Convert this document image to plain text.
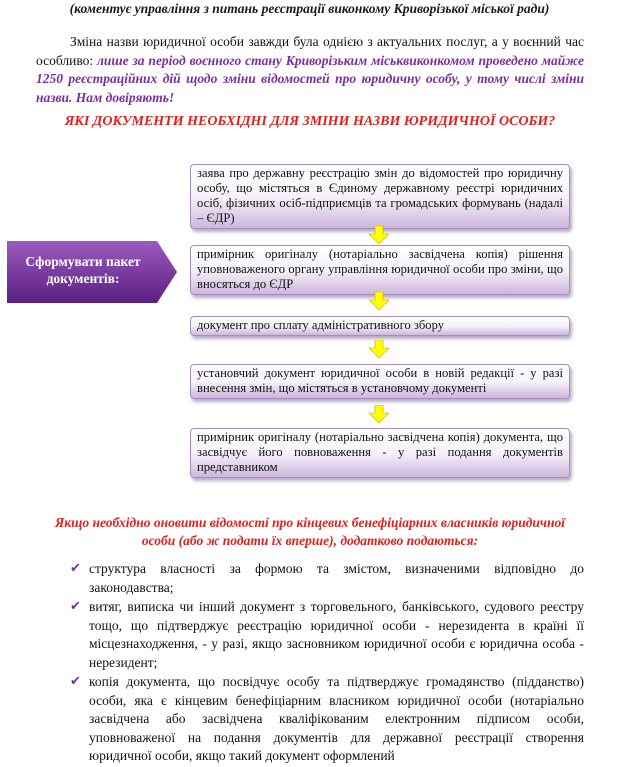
(коментує управління з питань реєстрації виконкому Криворізької міської ради)
Зміна назви юридичної особи завжди була однією з актуальних послуг, а у воєнний час особливо: лише за період воєнного стану Криворізьким міськвиконкомом проведено майже 1250 реєстраційних дій щодо зміни відомостей про юридичну особу, у тому числі зміни назви. Нам довіряють!
ЯКІ ДОКУМЕНТИ НЕОБХІДНІ ДЛЯ ЗМІНИ НАЗВИ ЮРИДИЧНОЇ ОСОБИ?
Сформувати пакет документів:
заява про державну реєстрацію змін до відомостей про юридичну особу, що містяться в Єдиному державному реєстрі юридичних осіб, фізичних осіб-підприємців та громадських формувань (надалі – ЄДР)
примірник оригіналу (нотаріально засвідчена копія) рішення уповноваженого органу управління юридичної особи про зміни, що вносяться до ЄДР
документ про сплату адміністративного збору
установчий документ юридичної особи в новій редакції - у разі внесення змін, що містяться в установчому документі
примірник оригіналу (нотаріально засвідчена копія) документа, що засвідчує його повноваження - у разі подання документів представником
Якщо необхідно оновити відомості про кінцевих бенефіціарних власників юридичної особи (або ж подати їх вперше), додатково подаються:
✔ структура власності за формою та змістом, визначеними відповідно до законодавства;
✔ витяг, виписка чи інший документ з торговельного, банківського, судового реєстру тощо, що підтверджує реєстрацію юридичної особи - нерезидента в країні її місцезнаходження, - у разі, якщо засновником юридичної особи є юридична особа - нерезидент;
✔ копія документа, що посвідчує особу та підтверджує громадянство (підданство) особи, яка є кінцевим бенефіціарним власником юридичної особи (нотаріально засвідчена або засвідчена кваліфікованим електронним підписом особи, уповноваженої на подання документів для державної реєстрації створення юридичної особи, якщо такий документ оформлений
